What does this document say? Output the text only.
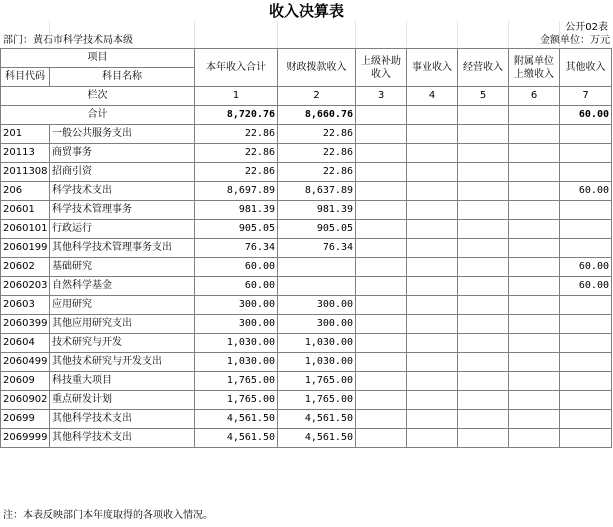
收入决算表
公开02表
部门：黄石市科学技术局本级	金额单位：万元
项目		本年收入合计	财政拨款收入	上级补助收入	事业收入	经营收入	附属单位上缴收入	其他收入
科目代码	科目名称							

栏次		1	2	3	4	5	6	7
合计		8,720.76	8,660.76					60.00
201	一般公共服务支出	22.86	22.86					
20113	商贸事务	22.86	22.86					
2011308	招商引资	22.86	22.86					
206	科学技术支出	8,697.89	8,637.89					60.00
20601	科学技术管理事务	981.39	981.39					
2060101	行政运行	905.05	905.05					
2060199	其他科学技术管理事务支出	76.34	76.34					
20602	基础研究	60.00						60.00
2060203	自然科学基金	60.00						60.00
20603	应用研究	300.00	300.00					
2060399	其他应用研究支出	300.00	300.00					
20604	技术研究与开发	1,030.00	1,030.00					
2060499	其他技术研究与开发支出	1,030.00	1,030.00					
20609	科技重大项目	1,765.00	1,765.00					
2060902	重点研发计划	1,765.00	1,765.00					
20699	其他科学技术支出	4,561.50	4,561.50					
2069999	其他科学技术支出	4,561.50	4,561.50					
注：本表反映部门本年度取得的各项收入情况。
